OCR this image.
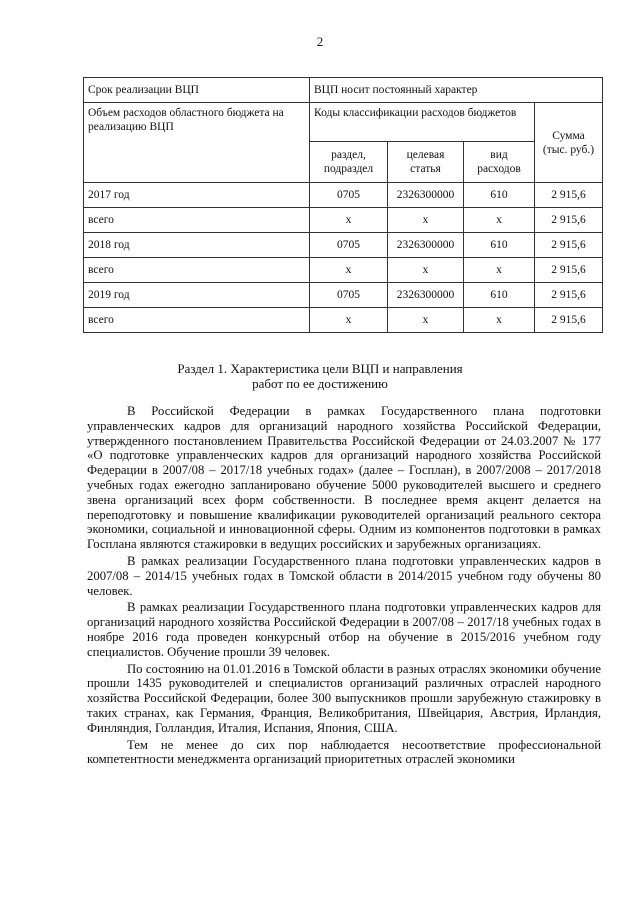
2
Срок реализации ВЦП	ВЦП носит постоянный характер			
Объем расходов областного бюджета на реализацию ВЦП	Коды классификации расходов бюджетов			Сумма (тыс. руб.)
	раздел, подраздел	целевая статья	вид расходов	
2017 год	0705	2326300000	610	2 915,6
всего	x	x	x	2 915,6
2018 год	0705	2326300000	610	2 915,6
всего	x	x	x	2 915,6
2019 год	0705	2326300000	610	2 915,6
всего	x	x	x	2 915,6
Раздел 1. Характеристика цели ВЦП и направления
работ по ее достижению

В Российской Федерации в рамках Государственного плана подготовки управленческих кадров для организаций народного хозяйства Российской Федерации, утвержденного постановлением Правительства Российской Федерации от 24.03.2007 № 177 «О подготовке управленческих кадров для организаций народного хозяйства Российской Федерации в 2007/08 – 2017/18 учебных годах» (далее – Госплан), в 2007/2008 – 2017/2018 учебных годах ежегодно запланировано обучение 5000 руководителей высшего и среднего звена организаций всех форм собственности. В последнее время акцент делается на переподготовку и повышение квалификации руководителей организаций реального сектора экономики, социальной и инновационной сферы. Одним из компонентов подготовки в рамках Госплана являются стажировки в ведущих российских и зарубежных организациях.

В рамках реализации Государственного плана подготовки управленческих кадров в 2007/08 – 2014/15 учебных годах в Томской области в 2014/2015 учебном году обучены 80 человек.

В рамках реализации Государственного плана подготовки управленческих кадров для организаций народного хозяйства Российской Федерации в 2007/08 – 2017/18 учебных годах в ноябре 2016 года проведен конкурсный отбор на обучение в 2015/2016 учебном году специалистов. Обучение прошли 39 человек.

По состоянию на 01.01.2016 в Томской области в разных отраслях экономики обучение прошли 1435 руководителей и специалистов организаций различных отраслей народного хозяйства Российской Федерации, более 300 выпускников прошли зарубежную стажировку в таких странах, как Германия, Франция, Великобритания, Швейцария, Австрия, Ирландия, Финляндия, Голландия, Италия, Испания, Япония, США.

Тем не менее до сих пор наблюдается несоответствие профессиональной компетентности менеджмента организаций приоритетных отраслей экономики
